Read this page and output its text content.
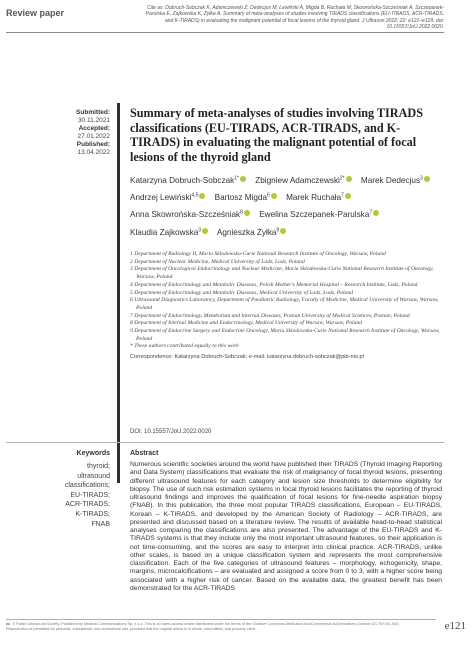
Review paper	Cite as: Dobruch-Sobczak K, Adamczewski Z, Dedecjus M, Lewiński A, Migda B, Ruchała M, Skowrońska-Szcześniak A, Szczepanek-Parulska E, Zajkowska K, Żyłka A. Summary of meta-analyses of studies involving TIRADS classifications (EU-TIRADS, ACR-TIRADS, and K-TIRADS) in evaluating the malignant potential of focal lesions of the thyroid gland. J Ultrason 2022; 22: e121–e129. doi: 10.15557/JoU.2022.0020.
Submitted:
30.11.2021
Accepted:
27.01.2022
Published:
13.04.2022
Summary of meta-analyses of studies involving TIRADS classifications (EU-TIRADS, ACR-TIRADS, and K-TIRADS) in evaluating the malignant potential of focal lesions of the thyroid gland
Katarzyna Dobruch-Sobczak$^{1*}$ Zbigniew Adamczewski$^{2*}$ Marek Dedecjus$^3$ Andrzej Lewiński$^{4,5}$ Bartosz Migda$^6$ Marek Ruchała$^7$ Anna Skowrońska-Szcześniak$^8$ Ewelina Szczepanek-Parulska$^7$ Klaudia Zajkowska$^3$ Agnieszka Żyłka$^9$

1 Department of Radiology II, Maria Sklodowska-Curie National Research Institute of Oncology, Warsaw, Poland

2 Department of Nuclear Medicine, Medical University of Lodz, Lodz, Poland

3 Department of Oncological Endocrinology and Nuclear Medicine, Maria Sklodowska-Curie National Research Institute of Oncology, Warsaw, Poland

4 Department of Endocrinology and Metabolic Diseases, Polish Mother's Memorial Hospital – Research Institute, Lodz, Poland

5 Department of Endocrinology and Metabolic Diseases, Medical University of Lodz, Lodz, Poland

6 Ultrasound Diagnostics Laboratory, Department of Paediatric Radiology, Faculty of Medicine, Medical University of Warsaw, Warsaw, Poland

7 Department of Endocrinology, Metabolism and Internal Diseases, Poznan University of Medical Sciences, Poznan, Poland

8 Department of Internal Medicine and Endocrinology, Medical University of Warsaw, Warsaw, Poland

9 Department of Endocrine Surgery and Endocrine Oncology, Maria Sklodowska-Curie National Research Institute of Oncology, Warsaw, Poland

* These authors contributed equally to this work

Correspondence: Katarzyna Dobruch-Sobczak; e-mail: katarzyna.dobruch-sobczak@pib-nio.pl

DOI: 10.15557/JoU.2022.0020
Keywords
thyroid;
ultrasound
classifications;
EU-TIRADS;
ACR-TIRADS;
K-TIRADS;
FNAB
Abstract

Numerous scientific societies around the world have published their TIRADS (Thyroid Imaging Reporting and Data System) classifications that evaluate the risk of malignancy of focal thyroid lesions, presenting different ultrasound features for each category and lesion size thresholds to determine eligibility for biopsy. The use of such risk estimation systems in focal thyroid lesions facilitates the reporting of thyroid ultrasound findings and improves the qualification of focal lesions for fine-needle aspiration biopsy (FNAB). In this publication, the three most popular TIRADS classifications, European – EU-TIRADS, Korean – K-TIRADS, and developed by the American Society of Radiology – ACR-TIRADS, are presented and discussed based on a literature review. The results of available head-to-head statistical analyses comparing the classifications are also presented. The advantage of the EU-TIRADS and K-TIRADS systems is that they include only the most important ultrasound features, so their application is not time-consuming, and the scores are easy to interpret into clinical practice. ACR-TIRADS, unlike other scales, is based on a unique classification system and represents the most comprehensive classification. Each of the five categories of ultrasound features – morphology, echogenicity, shape, margins, microcalcifications – are evaluated and assigned a score from 0 to 3, with a higher score being associated with a higher risk of cancer. Based on the available data, the greatest benefit has been demonstrated for the ACR-TIRADS

cc © Polish Ultrasound Society. Published by Medical Communications Sp. z o.o. This is an open-access article distributed under the terms of the Creative Commons Attribution-NonCommercial-NoDerivatives License (CC BY-NC-ND). Reproduction is permitted for personal, educational, non-commercial use, provided that the original article is in whole, unmodified, and properly cited.	e121
